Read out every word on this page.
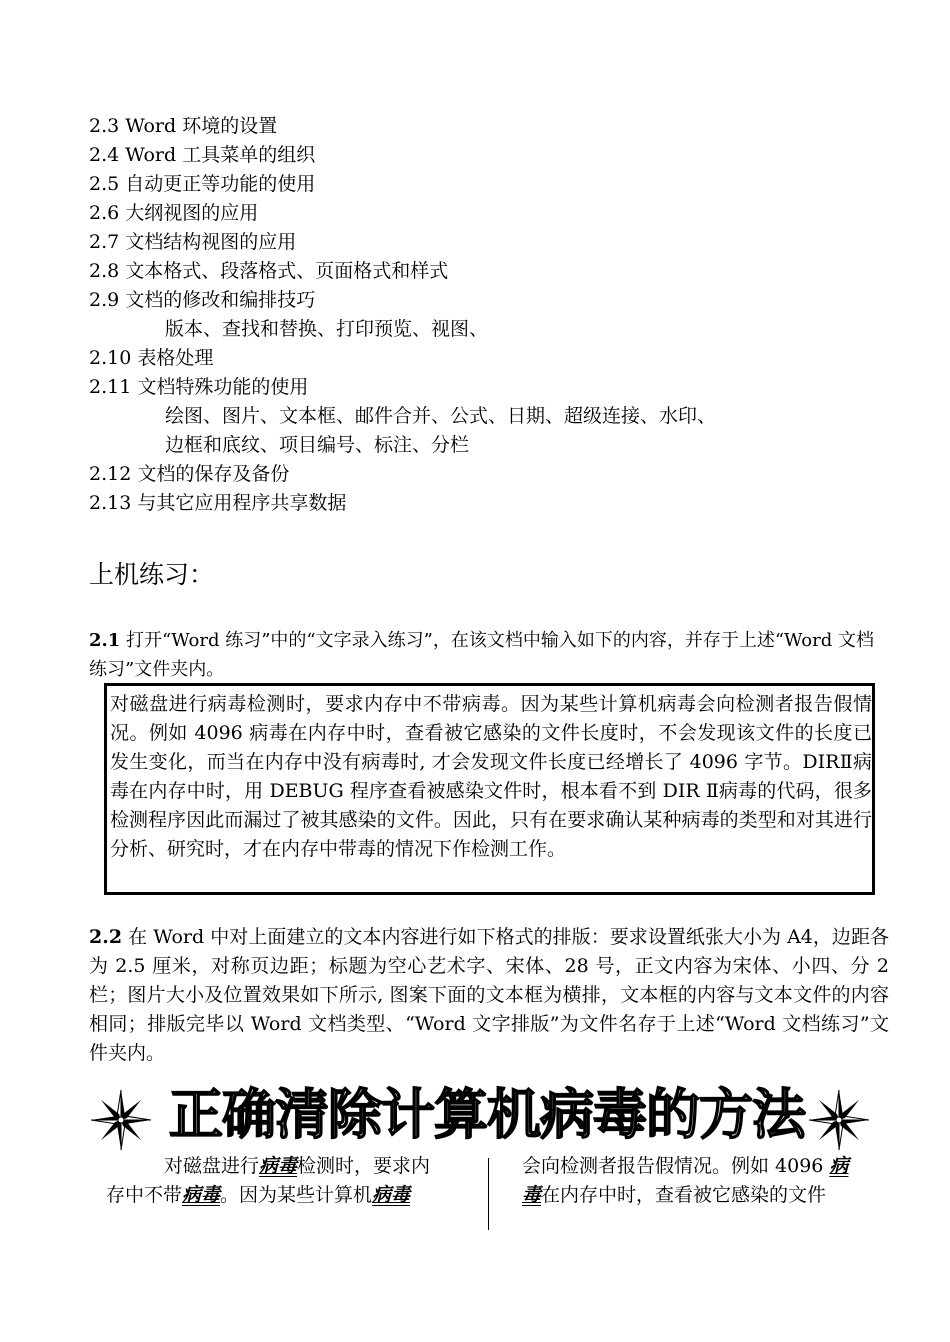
2.3 Word 环境的设置
2.4 Word 工具菜单的组织
2.5 自动更正等功能的使用
2.6 大纲视图的应用
2.7 文档结构视图的应用
2.8 文本格式、段落格式、页面格式和样式
2.9 文档的修改和编排技巧
版本、查找和替换、打印预览、视图、
2.10 表格处理
2.11 文档特殊功能的使用
绘图、图片、文本框、邮件合并、公式、日期、超级连接、水印、
边框和底纹、项目编号、标注、分栏
2.12 文档的保存及备份
2.13 与其它应用程序共享数据
上机练习：
2.1 打开“Word 练习”中的“文字录入练习”，在该文档中输入如下的内容，并存于上述“Word 文档练习”文件夹内。
对磁盘进行病毒检测时，要求内存中不带病毒。因为某些计算机病毒会向检测者报告假情况。例如 4096 病毒在内存中时，查看被它感染的文件长度时，不会发现该文件的长度已发生变化，而当在内存中没有病毒时, 才会发现文件长度已经增长了 4096 字节。DIRⅡ病毒在内存中时，用 DEBUG 程序查看被感染文件时，根本看不到 DIR Ⅱ病毒的代码，很多检测程序因此而漏过了被其感染的文件。因此，只有在要求确认某种病毒的类型和对其进行分析、研究时，才在内存中带毒的情况下作检测工作。
2.2 在 Word 中对上面建立的文本内容进行如下格式的排版：要求设置纸张大小为 A4，边距各为 2.5 厘米，对称页边距；标题为空心艺术字、宋体、28 号，正文内容为宋体、小四、分 2 栏；图片大小及位置效果如下所示, 图案下面的文本框为横排，文本框的内容与文本文件的内容相同；排版完毕以 Word 文档类型、“Word 文字排版”为文件名存于上述“Word 文档练习”文件夹内。
正确清除计算机病毒的方法
对磁盘进行病毒检测时，要求内
存中不带病毒。因为某些计算机病毒
会向检测者报告假情况。例如 4096 病
毒在内存中时，查看被它感染的文件
